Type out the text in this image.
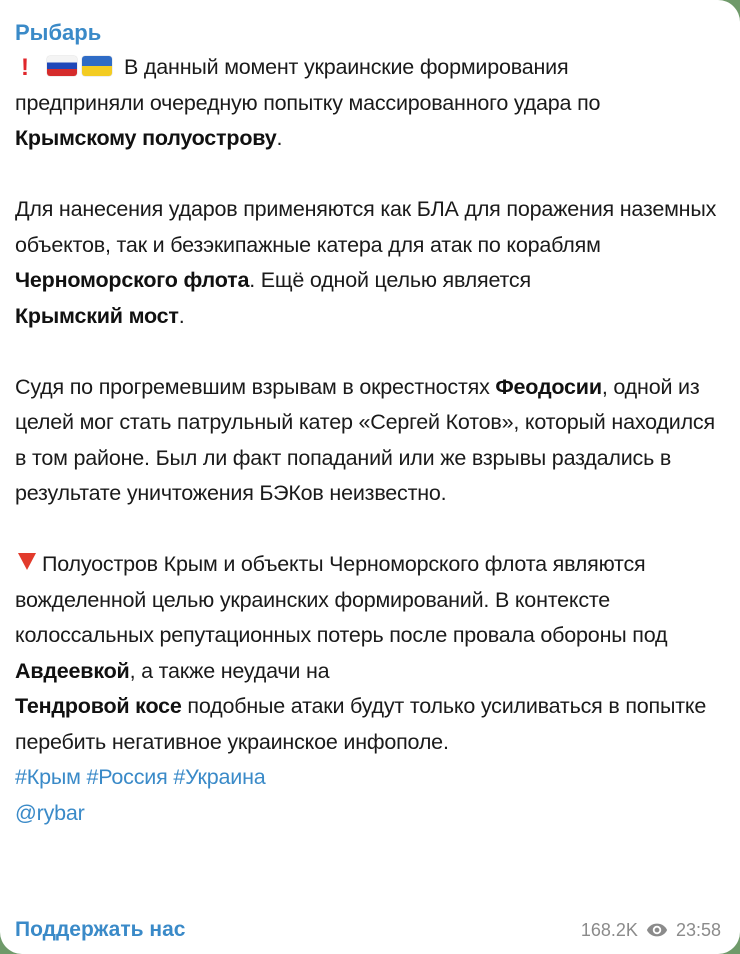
Рыбарь
!	В данный момент украинские формирования
предприняли очередную попытку массированного удара по
Крымскому полуострову.
Для нанесения ударов применяются как БЛА для поражения наземных объектов, так и безэкипажные катера для атак по кораблям Черноморского флота. Ещё одной целью является
Крымский мост.
Судя по прогремевшим взрывам в окрестностях Феодосии, одной из целей мог стать патрульный катер «Сергей Котов», который находился в том районе. Был ли факт попаданий или же взрывы раздались в результате уничтожения БЭКов неизвестно.
Полуостров Крым и объекты Черноморского флота являются вожделенной целью украинских формирований. В контексте колоссальных репутационных потерь после провала обороны под Авдеевкой, а также неудачи на
Тендровой косе подобные атаки будут только усиливаться в попытке перебить негативное украинское инфополе.
#Крым #Россия #Украина
@rybar
Поддержать нас	168.2K 23:58
